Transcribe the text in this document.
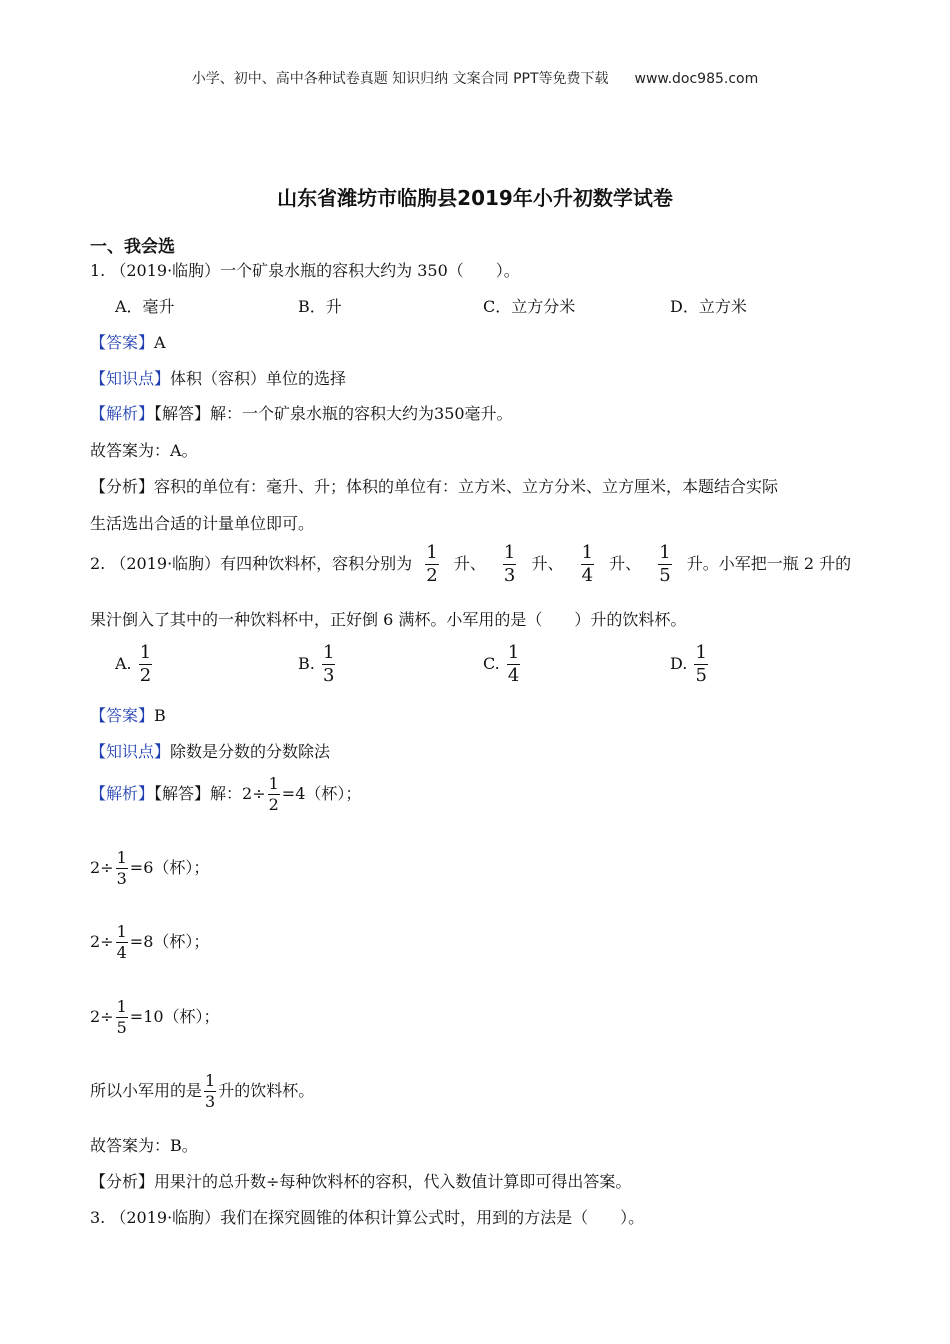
小学、初中、高中各种试卷真题 知识归纳 文案合同 PPT等免费下载 www.doc985.com
山东省潍坊市临朐县2019年小升初数学试卷
一、我会选
1. （2019·临朐）一个矿泉水瓶的容积大约为 350（　　）。
A．毫升	B．升	C．立方分米	D．立方米
【答案】A
【知识点】体积（容积）单位的选择
【解析】【解答】解：一个矿泉水瓶的容积大约为350毫升。
故答案为：A。
【分析】容积的单位有：毫升、升；体积的单位有：立方米、立方分米、立方厘米，本题结合实际
生活选出合适的计量单位即可。
2. （2019·临朐）有四种饮料杯，容积分别为 $\frac{1}{2}$ 升、 $\frac{1}{3}$ 升、 $\frac{1}{4}$ 升、 $\frac{1}{5}$ 升。小军把一瓶 2 升的
果汁倒入了其中的一种饮料杯中，正好倒 6 满杯。小军用的是（　　）升的饮料杯。
A. $\frac{1}{2}$	B. $\frac{1}{3}$	C. $\frac{1}{4}$	D. $\frac{1}{5}$
【答案】B
【知识点】除数是分数的分数除法
【解析】【解答】解：$2\div \frac{1}{2} =4$（杯）；
$2\div \frac{1}{3} =6$（杯）；
$2\div \frac{1}{4} =8$（杯）；
$2\div \frac{1}{5} =10$（杯）；
所以小军用的是 $\frac{1}{3}$ 升的饮料杯。
故答案为：B。
【分析】用果汁的总升数÷每种饮料杯的容积，代入数值计算即可得出答案。
3. （2019·临朐）我们在探究圆锥的体积计算公式时，用到的方法是（　　）。
